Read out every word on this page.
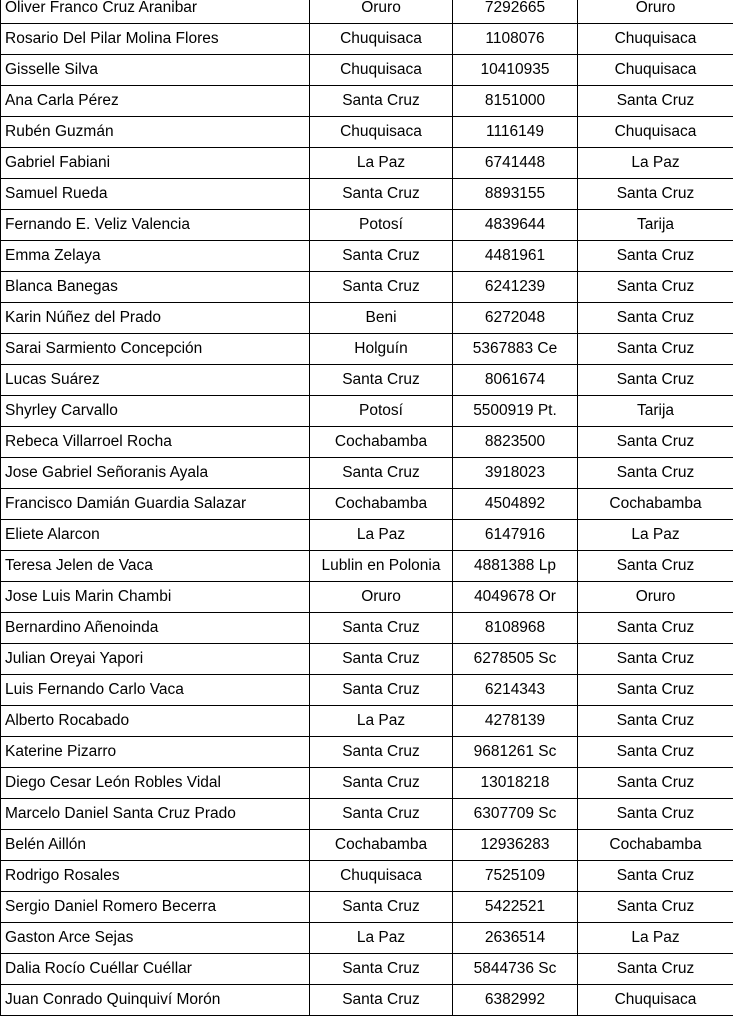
Oliver Franco Cruz Aranibar	Oruro	7292665	Oruro
Rosario Del Pilar Molina Flores	Chuquisaca	1108076	Chuquisaca
Gisselle Silva	Chuquisaca	10410935	Chuquisaca
Ana Carla Pérez	Santa Cruz	8151000	Santa Cruz
Rubén Guzmán	Chuquisaca	1116149	Chuquisaca
Gabriel Fabiani	La Paz	6741448	La Paz
Samuel Rueda	Santa Cruz	8893155	Santa Cruz
Fernando E. Veliz Valencia	Potosí	4839644	Tarija
Emma Zelaya	Santa Cruz	4481961	Santa Cruz
Blanca Banegas	Santa Cruz	6241239	Santa Cruz
Karin Núñez del Prado	Beni	6272048	Santa Cruz
Sarai Sarmiento Concepción	Holguín	5367883 Ce	Santa Cruz
Lucas Suárez	Santa Cruz	8061674	Santa Cruz
Shyrley Carvallo	Potosí	5500919 Pt.	Tarija
Rebeca Villarroel Rocha	Cochabamba	8823500	Santa Cruz
Jose Gabriel Señoranis Ayala	Santa Cruz	3918023	Santa Cruz
Francisco Damián Guardia Salazar	Cochabamba	4504892	Cochabamba
Eliete Alarcon	La Paz	6147916	La Paz
Teresa Jelen de Vaca	Lublin en Polonia	4881388 Lp	Santa Cruz
Jose Luis Marin Chambi	Oruro	4049678 Or	Oruro
Bernardino Añenoinda	Santa Cruz	8108968	Santa Cruz
Julian Oreyai Yapori	Santa Cruz	6278505 Sc	Santa Cruz
Luis Fernando Carlo Vaca	Santa Cruz	6214343	Santa Cruz
Alberto Rocabado	La Paz	4278139	Santa Cruz
Katerine Pizarro	Santa Cruz	9681261 Sc	Santa Cruz
Diego Cesar León Robles Vidal	Santa Cruz	13018218	Santa Cruz
Marcelo Daniel Santa Cruz Prado	Santa Cruz	6307709 Sc	Santa Cruz
Belén Aillón	Cochabamba	12936283	Cochabamba
Rodrigo Rosales	Chuquisaca	7525109	Santa Cruz
Sergio Daniel Romero Becerra	Santa Cruz	5422521	Santa Cruz
Gaston Arce Sejas	La Paz	2636514	La Paz
Dalia Rocío Cuéllar Cuéllar	Santa Cruz	5844736 Sc	Santa Cruz
Juan Conrado Quinquiví Morón	Santa Cruz	6382992	Chuquisaca
